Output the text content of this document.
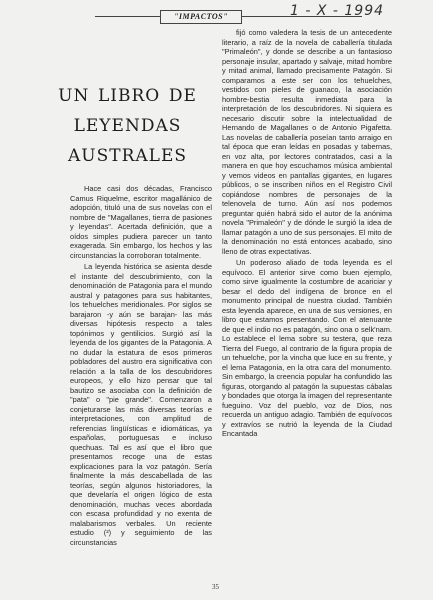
"IMPACTOS"	1 - X - 1994
un libro de
leyendas
australes

Hace casi dos décadas, Francisco Camus Riquelme, escritor magallánico de adopción, tituló una de sus novelas con el nombre de "Magallanes, tierra de pasiones y leyendas". Acertada definición, que a oídos simples pudiera parecer un tanto exagerada. Sin embargo, los hechos y las circunstancias la corroboran totalmente.

La leyenda histórica se asienta desde el instante del descubrimiento, con la denominación de Patagonia para el mundo austral y patagones para sus habitantes, los tehuelches meridionales. Por siglos se barajaron -y aún se barajan- las más diversas hipótesis respecto a tales topónimos y gentilicios. Surgió así la leyenda de los gigantes de la Patagonia. A no dudar la estatura de esos primeros pobladores del austro era significativa con relación a la talla de los descubridores europeos, y ello hizo pensar que tal bautizo se asociaba con la definición de "pata" o "pie grande". Comenzaron a conjeturarse las más diversas teorías e interpretaciones, con amplitud de referencias lingüísticas e idiomáticas, ya españolas, portuguesas e incluso quechuas. Tal es así que el libro que presentamos recoge una de estas explicaciones para la voz patagón. Sería finalmente la más descabellada de las teorías, según algunos historiadores, la que develaría el origen lógico de esta denominación, muchas veces abordada con escasa profundidad y no exenta de malabarismos verbales. Un reciente estudio (²) y seguimiento de las circunstancias

fijó como valedera la tesis de un antecedente literario, a raíz de la novela de caballería titulada "Primaleón", y donde se describe a un fantasioso personaje insular, apartado y salvaje, mitad hombre y mitad animal, llamado precisamente Patagón. Si comparamos a este ser con los tehuelches, vestidos con pieles de guanaco, la asociación hombre-bestia resulta inmediata para la interpretación de los descubridores. Ni siquiera es necesario discutir sobre la intelectualidad de Hernando de Magallanes o de Antonio Pigafetta. Las novelas de caballería poseían tanto arraigo en tal época que eran leídas en posadas y tabernas, en voz alta, por lectores contratados, casi a la manera en que hoy escuchamos música ambiental y vemos videos en pantallas gigantes, en lugares públicos, o se inscriben niños en el Registro Civil copiándose nombres de personajes de la telenovela de turno. Aún así nos podemos preguntar quién habrá sido el autor de la anónima novela "Primaleón" y de dónde le surgió la idea de llamar patagón a uno de sus personajes. El mito de la denominación no está entonces acabado, sino lleno de otras expectativas.

Un poderoso aliado de toda leyenda es el equívoco. El anterior sirve como buen ejemplo, como sirve igualmente la costumbre de acariciar y besar el dedo del indígena de bronce en el monumento principal de nuestra ciudad. También esta leyenda aparece, en una de sus versiones, en libro que estamos presentando. Con el atenuante de que el indio no es patagón, sino ona o selk'nam. Lo establece el lema sobre su testera, que reza Tierra del Fuego, al contrario de la figura propia de un tehuelche, por la vincha que luce en su frente, y el lema Patagonia, en la otra cara del monumento. Sin embargo, la creencia popular ha confundido las figuras, otorgando al patagón la supuestas cábalas y bondades que otorga la imagen del representante fueguino. Voz del pueblo, voz de Dios, nos recuerda un antiguo adagio. También de equívocos y extravíos se nutrió la leyenda de la Ciudad Encantada

35
